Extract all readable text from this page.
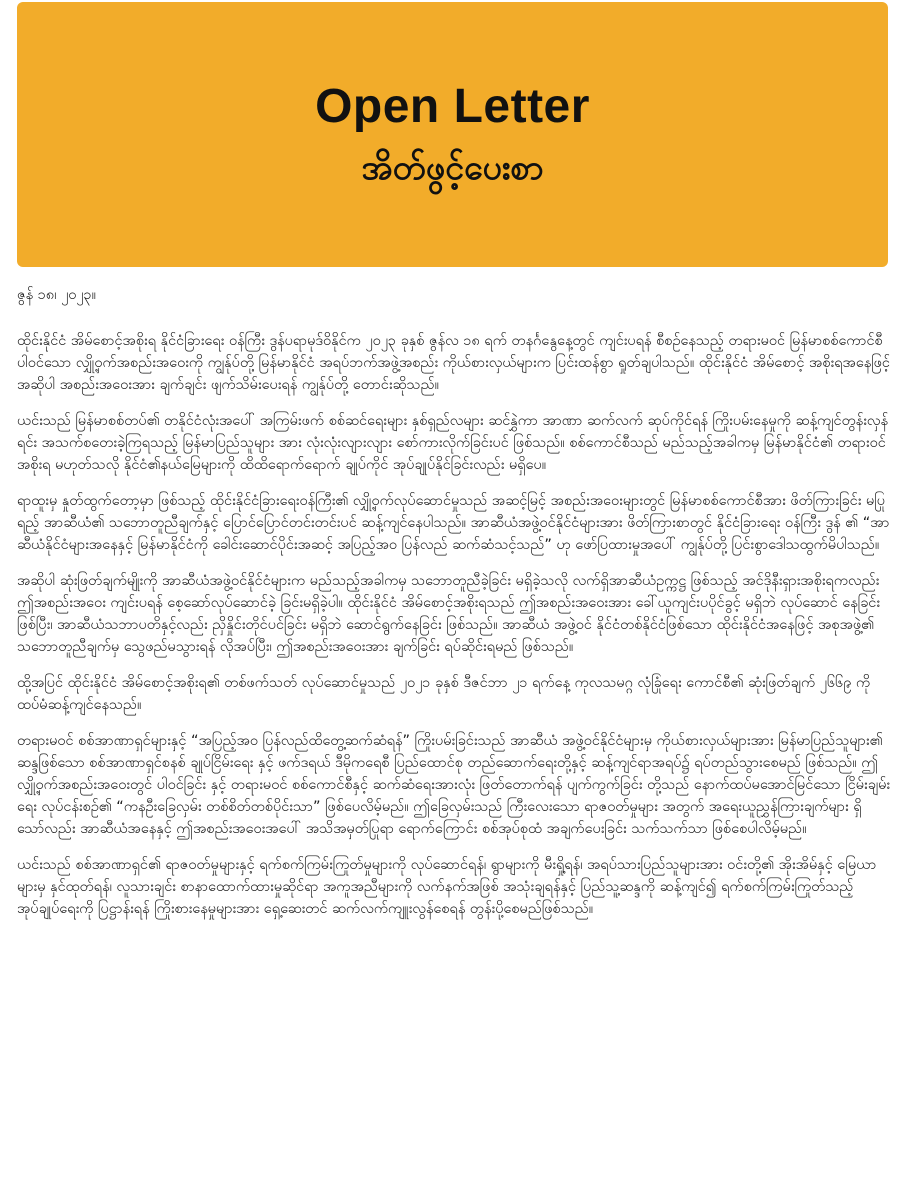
Open Letter
အိတ်ဖွင့်ပေးစာ

ဇွန် ၁၈၊ ၂၀၂၃။

ထိုင်းနိုင်ငံ အိမ်စောင့်အစိုးရ နိုင်ငံခြားရေး ဝန်ကြီး ဒွန်ပရာမုဒ်ဝိနိုင်က ၂၀၂၃ ခုနှစ် ဇွန်လ ၁၈ ရက် တနင်္ဂနွေနေ့တွင် ကျင်းပရန် စီစဉ်နေသည့် တရားမဝင် မြန်မာစစ်ကောင်စီ ပါဝင်သော လျှို့ဝှက်အစည်းအဝေးကို ကျွန်ုပ်တို့ မြန်မာနိုင်ငံ အရပ်ဘက်အဖွဲ့အစည်း ကိုယ်စားလှယ်များက ပြင်းထန်စွာ ရှုတ်ချပါသည်။ ထိုင်းနိုင်ငံ အိမ်စောင့် အစိုးရအနေဖြင့် အဆိုပါ အစည်းအဝေးအား ချက်ချင်း ဖျက်သိမ်းပေးရန် ကျွန်ုပ်တို့ တောင်းဆိုသည်။

ယင်းသည် မြန်မာစစ်တပ်၏ တနိုင်ငံလုံးအပေါ် အကြမ်းဖက် စစ်ဆင်ရေးများ နှစ်ရှည်လများ ဆင်နွှဲကာ အာဏာ ဆက်လက် ဆုပ်ကိုင်ရန် ကြိုးပမ်းနေမှုကို ဆန့်ကျင်တွန်းလှန်ရင်း အသက်စတေးခဲ့ကြရသည့် မြန်မာပြည်သူများ အား လုံးလုံးလျားလျား စော်ကားလိုက်ခြင်းပင် ဖြစ်သည်။ စစ်ကောင်စီသည် မည်သည့်အခါကမှ မြန်မာနိုင်ငံ၏ တရားဝင်အစိုးရ မဟုတ်သလို နိုင်ငံ၏နယ်မြေများကို ထိထိရောက်ရောက် ချုပ်ကိုင် အုပ်ချုပ်နိုင်ခြင်းလည်း မရှိပေ။

ရာထူးမှ နှုတ်ထွက်တော့မှာ ဖြစ်သည့် ထိုင်းနိုင်ငံခြားရေးဝန်ကြီး၏ လျှို့ဝှက်လုပ်ဆောင်မှုသည် အဆင့်မြင့် အစည်းအဝေးများတွင် မြန်မာစစ်ကောင်စီအား ဖိတ်ကြားခြင်း မပြုရည့် အာဆီယံ၏ သဘောတူညီချက်နှင့် ပြောင်ပြောင်တင်းတင်းပင် ဆန့်ကျင်နေပါသည်။ အာဆီယံအဖွဲ့ဝင်နိုင်ငံများအား ဖိတ်ကြားစာတွင် နိုင်ငံခြားရေး ဝန်ကြီး ဒွန် ၏ “အာဆီယံနိုင်ငံများအနေနှင့် မြန်မာနိုင်ငံကို ခေါင်းဆောင်ပိုင်းအဆင့် အပြည့်အဝ ပြန်လည် ဆက်ဆံသင့်သည်” ဟု ဖော်ပြထားမှုအပေါ် ကျွန်ုပ်တို့ ပြင်းစွာဒေါသထွက်မိပါသည်။

အဆိုပါ ဆုံးဖြတ်ချက်မျိုးကို အာဆီယံအဖွဲ့ဝင်နိုင်ငံများက မည်သည့်အခါကမှ သဘောတူညီခဲ့ခြင်း မရှိခဲ့သလို လက်ရှိအာဆီယံဥက္ကဋ္ဌ ဖြစ်သည့် အင်ဒိုနီးရှားအစိုးရကလည်း ဤအစည်းအဝေး ကျင်းပရန် စေ့ဆော်လုပ်ဆောင်ခဲ့ ခြင်းမရှိခဲ့ပါ။ ထိုင်းနိုင်ငံ အိမ်စောင့်အစိုးရသည် ဤအစည်းအဝေးအား ခေါ်ယူကျင်းပပိုင်ခွင့် မရှိဘဲ လုပ်ဆောင် နေခြင်းဖြစ်ပြီး၊ အာဆီယံသဘာပတိနှင့်လည်း ညှိနှိုင်းတိုင်ပင်ခြင်း မရှိဘဲ ဆောင်ရွက်နေခြင်း ဖြစ်သည်။ အာဆီယံ အဖွဲ့ဝင် နိုင်ငံတစ်နိုင်ငံဖြစ်သော ထိုင်းနိုင်ငံအနေဖြင့် အစုအဖွဲ့၏ သဘောတူညီချက်မှ သွေဖည်မသွားရန် လိုအပ်ပြီး၊ ဤအစည်းအဝေးအား ချက်ခြင်း ရပ်ဆိုင်းရမည် ဖြစ်သည်။

ထို့အပြင် ထိုင်းနိုင်ငံ အိမ်စောင့်အစိုးရ၏ တစ်ဖက်သတ် လုပ်ဆောင်မှုသည် ၂၀၂၁ ခုနှစ် ဒီဇင်ဘာ ၂၁ ရက်နေ့ ကုလသမဂ္ဂ လုံခြုံရေး ကောင်စီ၏ ဆုံးဖြတ်ချက် ၂၆၆၉ ကို ထပ်မံဆန့်ကျင်နေသည်။

တရားမဝင် စစ်အာဏာရှင်များနှင့် “အပြည့်အဝ ပြန်လည်ထိတွေ့ဆက်ဆံရန်” ကြိုးပမ်းခြင်းသည် အာဆီယံ အဖွဲ့ဝင်နိုင်ငံများမှ ကိုယ်စားလှယ်များအား မြန်မာပြည်သူများ၏ ဆန္ဒဖြစ်သော စစ်အာဏာရှင်စနစ် ချုပ်ငြိမ်းရေး နှင့် ဖက်ဒရယ် ဒီမိုကရေစီ ပြည်ထောင်စု တည်ဆောက်ရေးတို့နှင့် ဆန့်ကျင်ရာအရပ်၌ ရပ်တည်သွားစေမည် ဖြစ်သည်။ ဤလျှို့ဝှက်အစည်းအဝေးတွင် ပါဝင်ခြင်း နှင့် တရားမဝင် စစ်ကောင်စီနှင့် ဆက်ဆံရေးအားလုံး ဖြတ်တောက်ရန် ပျက်ကွက်ခြင်း တို့သည် နောက်ထပ်မအောင်မြင်သော ငြိမ်းချမ်းရေး လုပ်ငန်းစဉ်၏ “ကနဦးခြေလှမ်း တစ်စိတ်တစ်ပိုင်းသာ” ဖြစ်ပေလိမ့်မည်။ ဤခြေလှမ်းသည် ကြီးလေးသော ရာဇဝတ်မှုများ အတွက် အရေးယူညွှန်ကြားချက်များ ရှိသော်လည်း အာဆီယံအနေနှင့် ဤအစည်းအဝေးအပေါ် အသိအမှတ်ပြုရာ ရောက်ကြောင်း စစ်အုပ်စုထံ အချက်ပေးခြင်း သက်သက်သာ ဖြစ်စေပါလိမ့်မည်။

ယင်းသည် စစ်အာဏာရှင်၏ ရာဇဝတ်မှုများနှင့် ရက်စက်ကြမ်းကြုတ်မှုများကို လုပ်ဆောင်ရန်၊ ရွာများကို မီးရှို့ရန်၊ အရပ်သားပြည်သူများအား ဝင်းတို့၏ အိုးအိမ်နှင့် မြေယာများမှ နှင်ထုတ်ရန်၊ လူသားချင်း စာနာထောက်ထားမှုဆိုင်ရာ အကူအညီများကို လက်နက်အဖြစ် အသုံးချရန်နှင့် ပြည်သူ့ဆန္ဒကို ဆန့်ကျင်၍ ရက်စက်ကြမ်းကြုတ်သည့် အုပ်ချုပ်ရေးကို ပြဋ္ဌာန်းရန် ကြိုးစားနေမှုများအား ရှေ့ဆေးတင် ဆက်လက်ကျူးလွန်စေရန် တွန်းပို့စေမည်ဖြစ်သည်။
